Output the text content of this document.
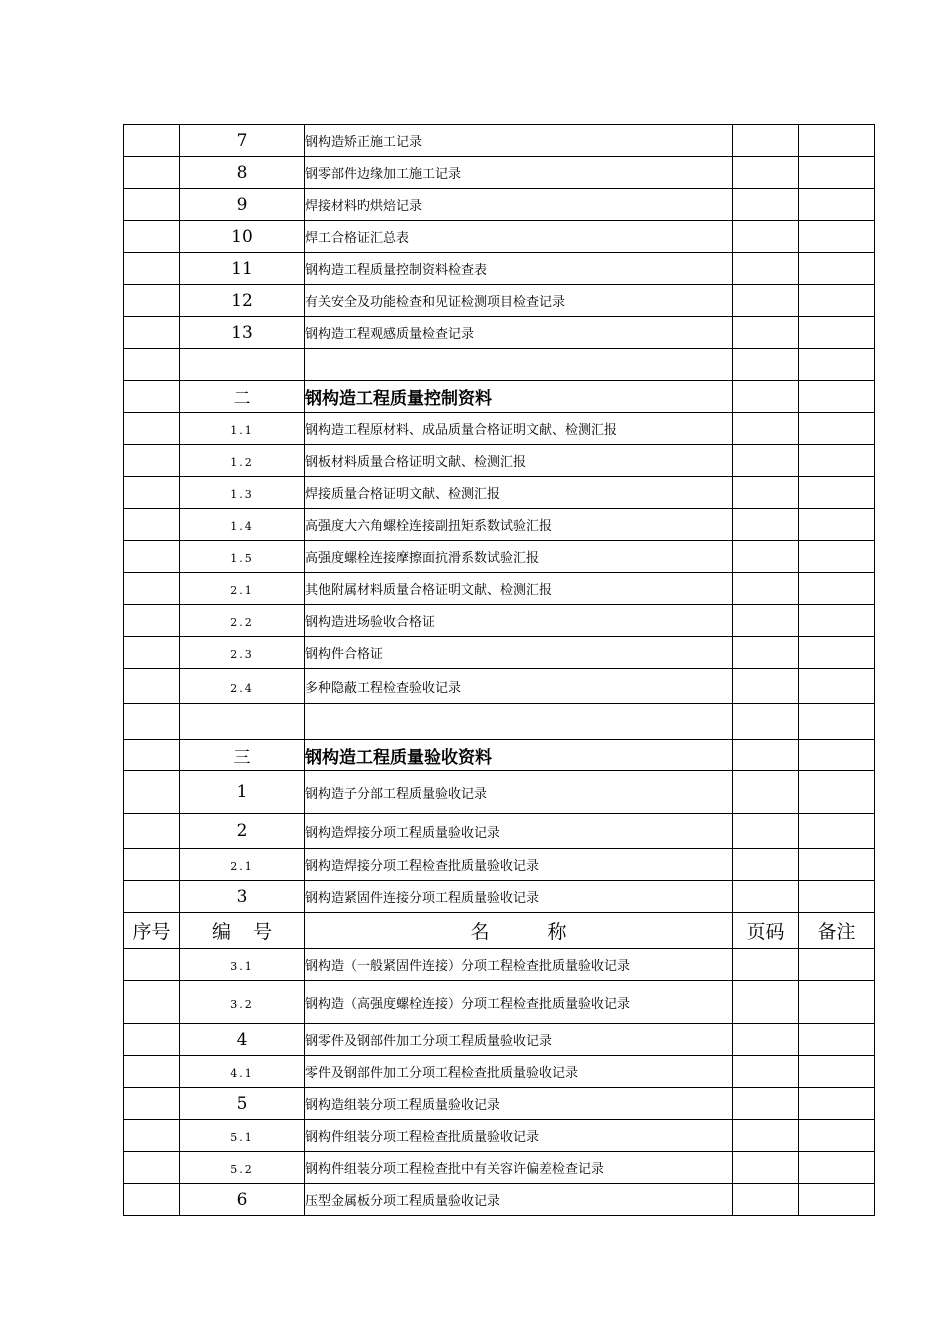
	7	钢构造矫正施工记录		
	8	钢零部件边缘加工施工记录		
	9	焊接材料旳烘焙记录		
	10	焊工合格证汇总表		
	11	钢构造工程质量控制资料检查表		
	12	有关安全及功能检查和见证检测项目检查记录		
	13	钢构造工程观感质量检查记录		

	二	钢构造工程质量控制资料		
	1.1	钢构造工程原材料、成品质量合格证明文献、检测汇报		
	1.2	钢板材料质量合格证明文献、检测汇报		
	1.3	焊接质量合格证明文献、检测汇报		
	1.4	高强度大六角螺栓连接副扭矩系数试验汇报		
	1.5	高强度螺栓连接摩擦面抗滑系数试验汇报		
	2.1	其他附属材料质量合格证明文献、检测汇报		
	2.2	钢构造进场验收合格证		
	2.3	钢构件合格证		
	2.4	多种隐蔽工程检查验收记录		

	三	钢构造工程质量验收资料		
	1	钢构造子分部工程质量验收记录		
	2	钢构造焊接分项工程质量验收记录		
	2.1	钢构造焊接分项工程检查批质量验收记录		
	3	钢构造紧固件连接分项工程质量验收记录		
序号	编号	名称	页码	备注
	3.1	钢构造（一般紧固件连接）分项工程检查批质量验收记录		
	3.2	钢构造（高强度螺栓连接）分项工程检查批质量验收记录		
	4	钢零件及钢部件加工分项工程质量验收记录		
	4.1	零件及钢部件加工分项工程检查批质量验收记录		
	5	钢构造组装分项工程质量验收记录		
	5.1	钢构件组装分项工程检查批质量验收记录		
	5.2	钢构件组装分项工程检查批中有关容许偏差检查记录		
	6	压型金属板分项工程质量验收记录		
